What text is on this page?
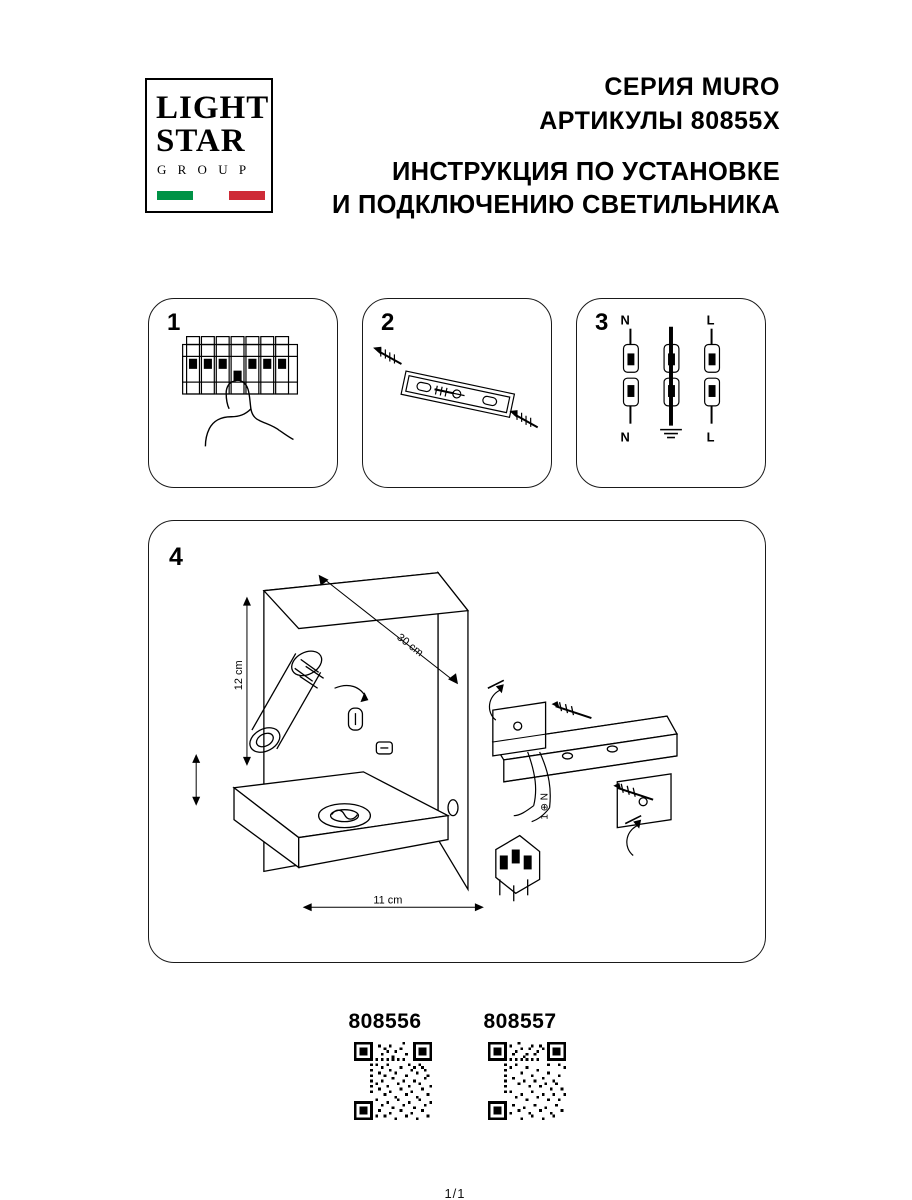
LIGHT
STAR
G R O U P
СЕРИЯ MURO
АРТИКУЛЫ 80855X
ИНСТРУКЦИЯ ПО УСТАНОВКЕ
И ПОДКЛЮЧЕНИЮ СВЕТИЛЬНИКА
1	2	3 N	L
N	L
4
12 cm
30 cm
11 cm
1 ⊕ N
808556	808557
1/1
